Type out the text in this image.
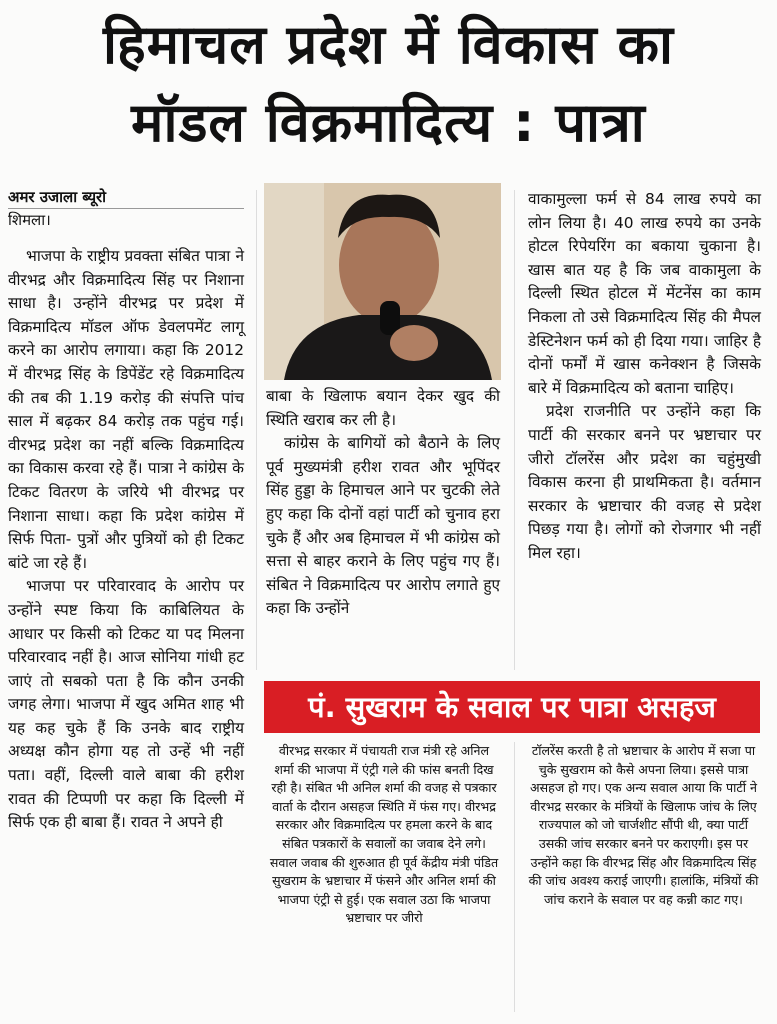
हिमाचल प्रदेश में विकास का
मॉडल विक्रमादित्य : पात्रा
अमर उजाला ब्यूरो
शिमला।

भाजपा के राष्ट्रीय प्रवक्ता संबित पात्रा ने वीरभद्र और विक्रमादित्य सिंह पर निशाना साधा है। उन्होंने वीरभद्र पर प्रदेश में विक्रमादित्य मॉडल ऑफ डेवलपमेंट लागू करने का आरोप लगाया। कहा कि 2012 में वीरभद्र सिंह के डिपेंडेंट रहे विक्रमादित्य की तब की 1.19 करोड़ की संपत्ति पांच साल में बढ़कर 84 करोड़ तक पहुंच गई। वीरभद्र प्रदेश का नहीं बल्कि विक्रमादित्य का विकास करवा रहे हैं। पात्रा ने कांग्रेस के टिकट वितरण के जरिये भी वीरभद्र पर निशाना साधा। कहा कि प्रदेश कांग्रेस में सिर्फ पिता- पुत्रों और पुत्रियों को ही टिकट बांटे जा रहे हैं।

भाजपा पर परिवारवाद के आरोप पर उन्होंने स्पष्ट किया कि काबिलियत के आधार पर किसी को टिकट या पद मिलना परिवारवाद नहीं है। आज सोनिया गांधी हट जाएं तो सबको पता है कि कौन उनकी जगह लेगा। भाजपा में खुद अमित शाह भी यह कह चुके हैं कि उनके बाद राष्ट्रीय अध्यक्ष कौन होगा यह तो उन्हें भी नहीं पता। वहीं, दिल्ली वाले बाबा की हरीश रावत की टिप्पणी पर कहा कि दिल्ली में सिर्फ एक ही बाबा हैं। रावत ने अपने ही

बाबा के खिलाफ बयान देकर खुद की स्थिति खराब कर ली है।

कांग्रेस के बागियों को बैठाने के लिए पूर्व मुख्यमंत्री हरीश रावत और भूपिंदर सिंह हुड्डा के हिमाचल आने पर चुटकी लेते हुए कहा कि दोनों वहां पार्टी को चुनाव हरा चुके हैं और अब हिमाचल में भी कांग्रेस को सत्ता से बाहर कराने के लिए पहुंच गए हैं। संबित ने विक्रमादित्य पर आरोप लगाते हुए कहा कि उन्होंने

वाकामुल्ला फर्म से 84 लाख रुपये का लोन लिया है। 40 लाख रुपये का उनके होटल रिपेयरिंग का बकाया चुकाना है। खास बात यह है कि जब वाकामुला के दिल्ली स्थित होटल में मेंटनेंस का काम निकला तो उसे विक्रमादित्य सिंह की मैपल डेस्टिनेशन फर्म को ही दिया गया। जाहिर है दोनों फर्मों में खास कनेक्शन है जिसके बारे में विक्रमादित्य को बताना चाहिए।

प्रदेश राजनीति पर उन्होंने कहा कि पार्टी की सरकार बनने पर भ्रष्टाचार पर जीरो टॉलरेंस और प्रदेश का चहुंमुखी विकास करना ही प्राथमिकता है। वर्तमान सरकार के भ्रष्टाचार की वजह से प्रदेश पिछड़ गया है। लोगों को रोजगार भी नहीं मिल रहा।

पं. सुखराम के सवाल पर पात्रा असहज
वीरभद्र सरकार में पंचायती राज मंत्री रहे अनिल शर्मा की भाजपा में एंट्री गले की फांस बनती दिख रही है। संबित भी अनिल शर्मा की वजह से पत्रकार वार्ता के दौरान असहज स्थिति में फंस गए। वीरभद्र सरकार और विक्रमादित्य पर हमला करने के बाद संबित पत्रकारों के सवालों का जवाब देने लगे। सवाल जवाब की शुरुआत ही पूर्व केंद्रीय मंत्री पंडित सुखराम के भ्रष्टाचार में फंसने और अनिल शर्मा की भाजपा एंट्री से हुई। एक सवाल उठा कि भाजपा भ्रष्टाचार पर जीरो
टॉलरेंस करती है तो भ्रष्टाचार के आरोप में सजा पा चुके सुखराम को कैसे अपना लिया। इससे पात्रा असहज हो गए। एक अन्य सवाल आया कि पार्टी ने वीरभद्र सरकार के मंत्रियों के खिलाफ जांच के लिए राज्यपाल को जो चार्जशीट सौंपी थी, क्या पार्टी उसकी जांच सरकार बनने पर कराएगी। इस पर उन्होंने कहा कि वीरभद्र सिंह और विक्रमादित्य सिंह की जांच अवश्य कराई जाएगी। हालांकि, मंत्रियों की जांच कराने के सवाल पर वह कन्नी काट गए।
